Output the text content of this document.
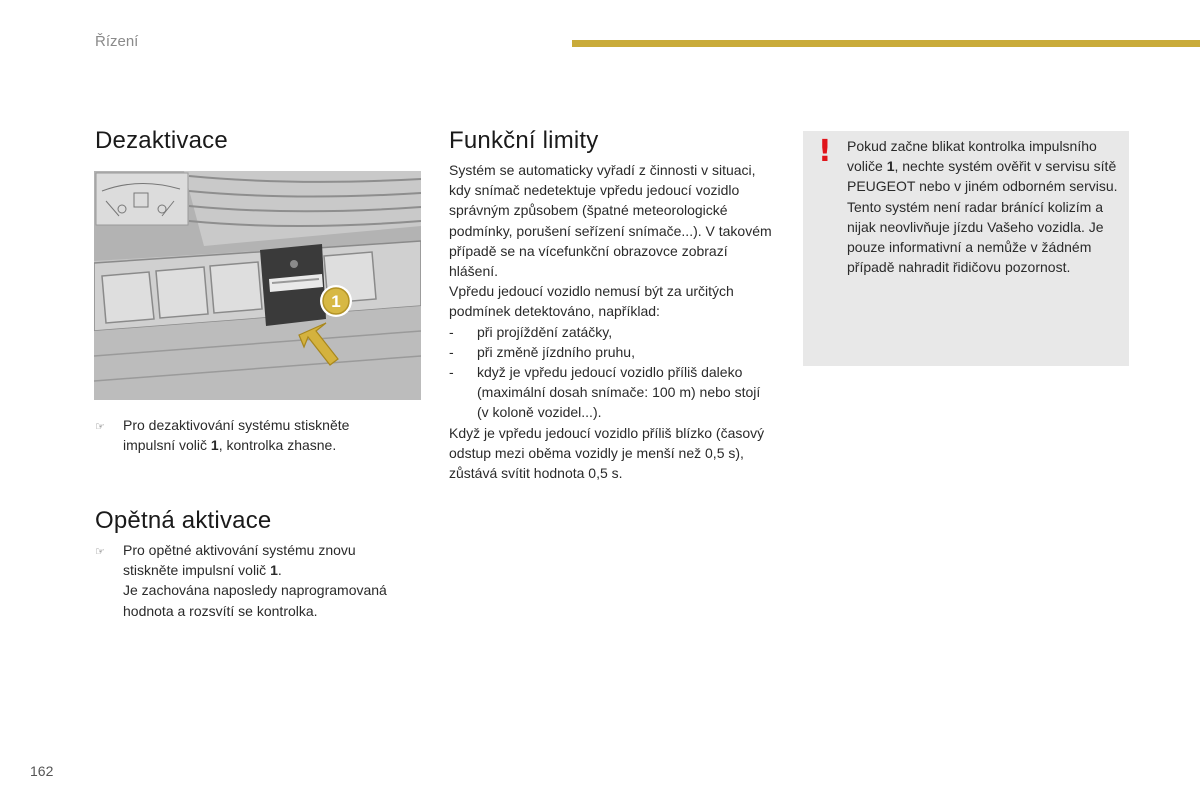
Řízení
Dezaktivace
1
☞	Pro dezaktivování systému stiskněte impulsní volič 1, kontrolka zhasne.
Opětná aktivace
☞	Pro opětné aktivování systému znovu stiskněte impulsní volič 1.
Je zachována naposledy naprogramovaná hodnota a rozsvítí se kontrolka.
Funkční limity
Systém se automaticky vyřadí z činnosti v situaci, kdy snímač nedetektuje vpředu jedoucí vozidlo správným způsobem (špatné meteorologické podmínky, porušení seřízení snímače...). V takovém případě se na vícefunkční obrazovce zobrazí hlášení.
Vpředu jedoucí vozidlo nemusí být za určitých podmínek detektováno, například:
-	při projíždění zatáčky,
-	při změně jízdního pruhu,
-	když je vpředu jedoucí vozidlo příliš daleko (maximální dosah snímače: 100 m) nebo stojí (v koloně vozidel...).
Když je vpředu jedoucí vozidlo příliš blízko (časový odstup mezi oběma vozidly je menší než 0,5 s), zůstává svítit hodnota 0,5 s.
! Pokud začne blikat kontrolka impulsního voliče 1, nechte systém ověřit v servisu sítě PEUGEOT nebo v jiném odborném servisu.
Tento systém není radar bránící kolizím a nijak neovlivňuje jízdu Vašeho vozidla. Je pouze informativní a nemůže v žádném případě nahradit řidičovu pozornost.
162
